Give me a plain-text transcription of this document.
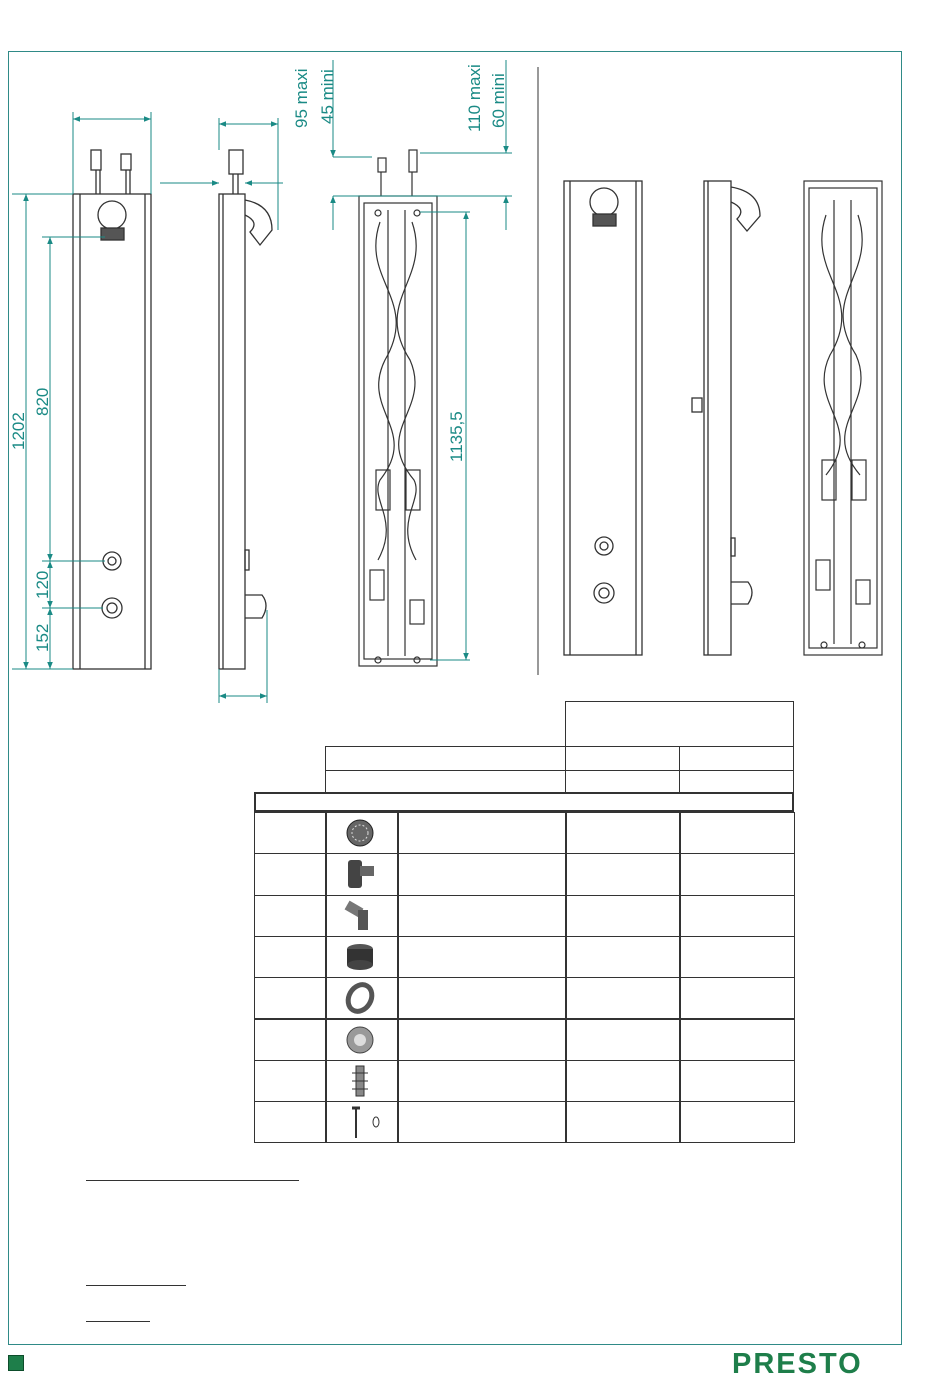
95 maxi 45 mini	110 maxi 60 mini
1202
820
120
152
1135,5
PRESTO
